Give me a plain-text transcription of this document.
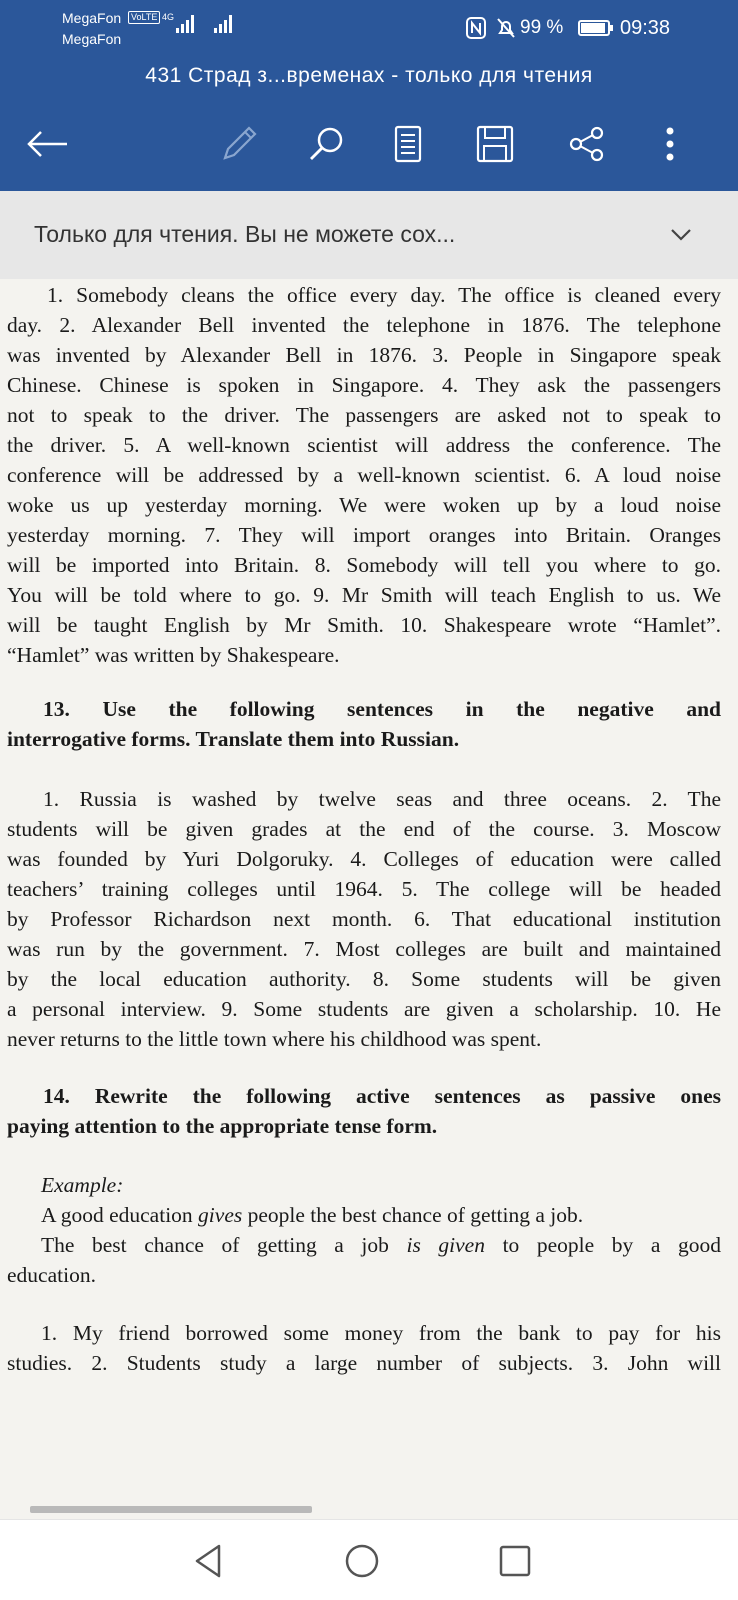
MegaFon
MegaFon
VoLTE 4G	99 %	09:38
431 Страд з...временах - только для чтения
Только для чтения. Вы не можете сох...
1. Somebody cleans the office every day. The office is cleaned every
day. 2. Alexander Bell invented the telephone in 1876. The telephone
was invented by Alexander Bell in 1876. 3. People in Singapore speak
Chinese. Chinese is spoken in Singapore. 4. They ask the passengers
not to speak to the driver. The passengers are asked not to speak to
the driver. 5. A well-known scientist will address the conference. The
conference will be addressed by a well-known scientist. 6. A loud noise
woke us up yesterday morning. We were woken up by a loud noise
yesterday morning. 7. They will import oranges into Britain. Oranges
will be imported into Britain. 8. Somebody will tell you where to go.
You will be told where to go. 9. Mr Smith will teach English to us. We
will be taught English by Mr Smith. 10. Shakespeare wrote “Hamlet”.
“Hamlet” was written by Shakespeare.
13. Use the following sentences in the negative and
interrogative forms. Translate them into Russian.
1. Russia is washed by twelve seas and three oceans. 2. The
students will be given grades at the end of the course. 3. Moscow
was founded by Yuri Dolgoruky. 4. Colleges of education were called
teachers’ training colleges until 1964. 5. The college will be headed
by Professor Richardson next month. 6. That educational institution
was run by the government. 7. Most colleges are built and maintained
by the local education authority. 8. Some students will be given
a personal interview. 9. Some students are given a scholarship. 10. He
never returns to the little town where his childhood was spent.
14. Rewrite the following active sentences as passive ones
paying attention to the appropriate tense form.
Example:
A good education gives people the best chance of getting a job.
The best chance of getting a job is given to people by a good
education.
1. My friend borrowed some money from the bank to pay for his
studies. 2. Students study a large number of subjects. 3. John will
